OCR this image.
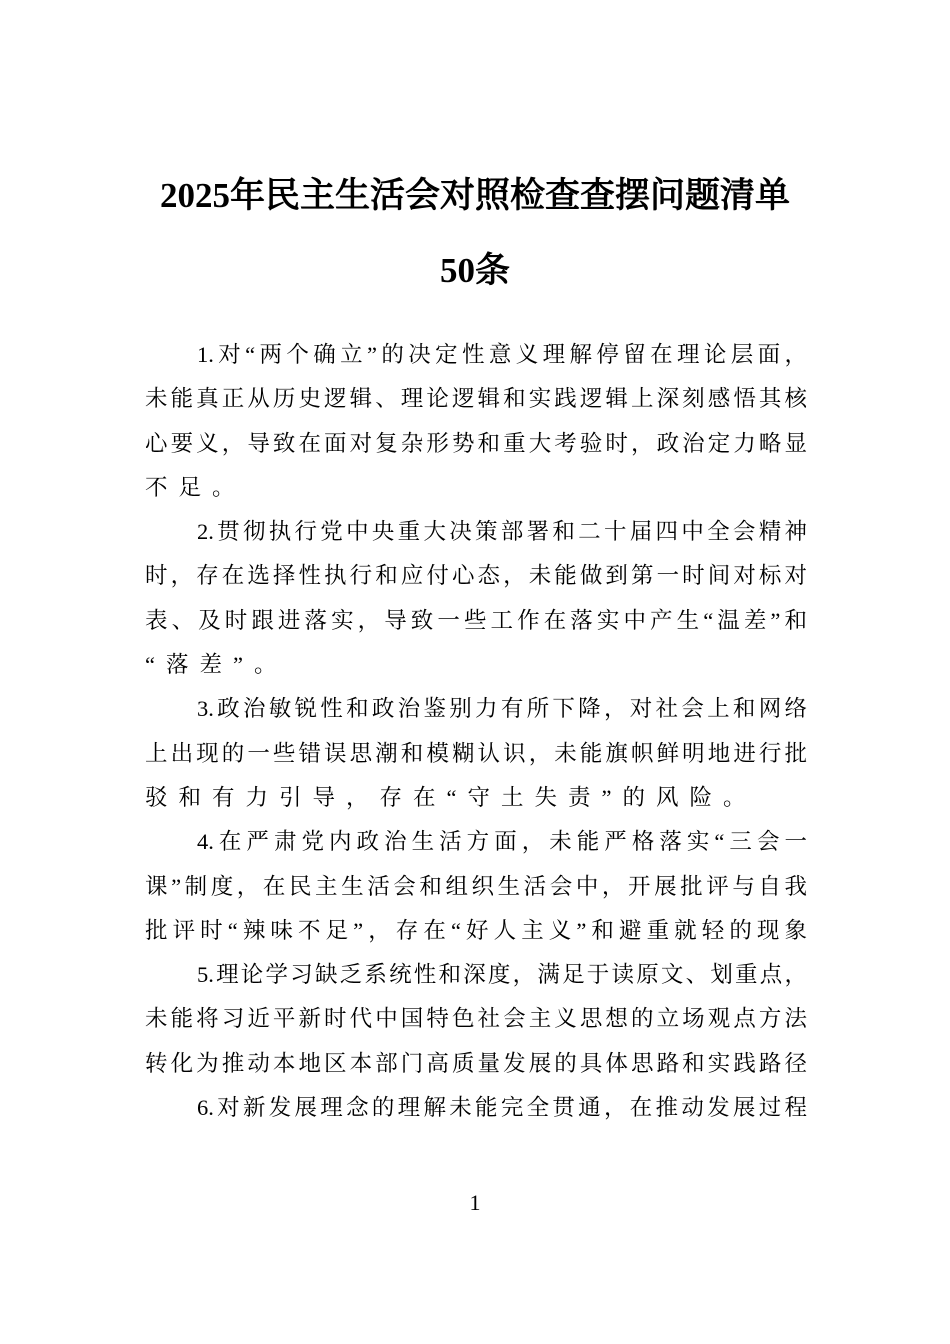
2025年民主生活会对照检查查摆问题清单
50条
1.对“两个确立”的决定性意义理解停留在理论层面，
未能真正从历史逻辑、理论逻辑和实践逻辑上深刻感悟其核
心要义，导致在面对复杂形势和重大考验时，政治定力略显
不足。
2.贯彻执行党中央重大决策部署和二十届四中全会精神
时，存在选择性执行和应付心态，未能做到第一时间对标对
表、及时跟进落实，导致一些工作在落实中产生“温差”和
“落差”。
3.政治敏锐性和政治鉴别力有所下降，对社会上和网络
上出现的一些错误思潮和模糊认识，未能旗帜鲜明地进行批
驳和有力引导，存在“守土失责”的风险。
4.在严肃党内政治生活方面，未能严格落实“三会一
课”制度，在民主生活会和组织生活会中，开展批评与自我
批评时“辣味不足”，存在“好人主义”和避重就轻的现象
5.理论学习缺乏系统性和深度，满足于读原文、划重点，
未能将习近平新时代中国特色社会主义思想的立场观点方法
转化为推动本地区本部门高质量发展的具体思路和实践路径
6.对新发展理念的理解未能完全贯通，在推动发展过程
1
